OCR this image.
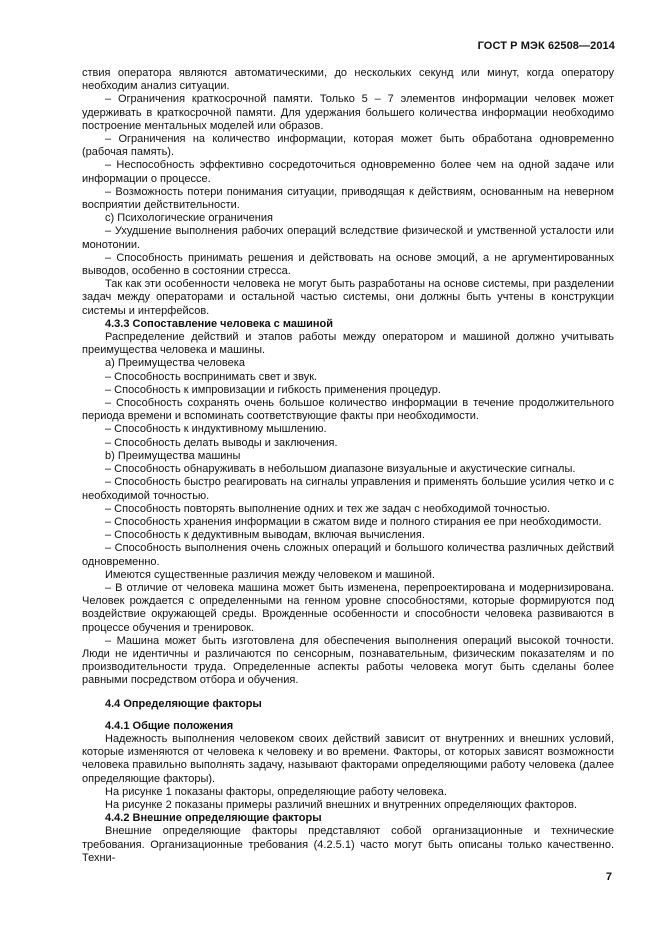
ГОСТ Р МЭК 62508—2014

ствия оператора являются автоматическими, до нескольких секунд или минут, когда оператору необходим анализ ситуации.

– Ограничения краткосрочной памяти. Только 5 – 7 элементов информации человек может удерживать в краткосрочной памяти. Для удержания большего количества информации необходимо построение ментальных моделей или образов.

– Ограничения на количество информации, которая может быть обработана одновременно (рабочая память).

– Неспособность эффективно сосредоточиться одновременно более чем на одной задаче или информации о процессе.

– Возможность потери понимания ситуации, приводящая к действиям, основанным на неверном восприятии действительности.

c) Психологические ограничения

– Ухудшение выполнения рабочих операций вследствие физической и умственной усталости или монотонии.

– Способность принимать решения и действовать на основе эмоций, а не аргументированных выводов, особенно в состоянии стресса.

Так как эти особенности человека не могут быть разработаны на основе системы, при разделении задач между операторами и остальной частью системы, они должны быть учтены в конструкции системы и интерфейсов.

4.3.3 Сопоставление человека с машиной

Распределение действий и этапов работы между оператором и машиной должно учитывать преимущества человека и машины.

a) Преимущества человека

– Способность воспринимать свет и звук.

– Способность к импровизации и гибкость применения процедур.

– Способность сохранять очень большое количество информации в течение продолжительного периода времени и вспоминать соответствующие факты при необходимости.

– Способность к индуктивному мышлению.

– Способность делать выводы и заключения.

b) Преимущества машины

– Способность обнаруживать в небольшом диапазоне визуальные и акустические сигналы.

– Способность быстро реагировать на сигналы управления и применять большие усилия четко и с необходимой точностью.

– Способность повторять выполнение одних и тех же задач с необходимой точностью.

– Способность хранения информации в сжатом виде и полного стирания ее при необходимости.

– Способность к дедуктивным выводам, включая вычисления.

– Способность выполнения очень сложных операций и большого количества различных действий одновременно.

Имеются существенные различия между человеком и машиной.

– В отличие от человека машина может быть изменена, перепроектирована и модернизирована. Человек рождается с определенными на генном уровне способностями, которые формируются под воздействие окружающей среды. Врожденные особенности и способности человека развиваются в процессе обучения и тренировок.

– Машина может быть изготовлена для обеспечения выполнения операций высокой точности. Люди не идентичны и различаются по сенсорным, познавательным, физическим показателям и по производительности труда. Определенные аспекты работы человека могут быть сделаны более равными посредством отбора и обучения.

4.4 Определяющие факторы
4.4.1 Общие положения

Надежность выполнения человеком своих действий зависит от внутренних и внешних условий, которые изменяются от человека к человеку и во времени. Факторы, от которых зависят возможности человека правильно выполнять задачу, называют факторами определяющими работу человека (далее определяющие факторы).

На рисунке 1 показаны факторы, определяющие работу человека.

На рисунке 2 показаны примеры различий внешних и внутренних определяющих факторов.

4.4.2 Внешние определяющие факторы

Внешние определяющие факторы представляют собой организационные и технические требования. Организационные требования (4.2.5.1) часто могут быть описаны только качественно. Техни-

7
